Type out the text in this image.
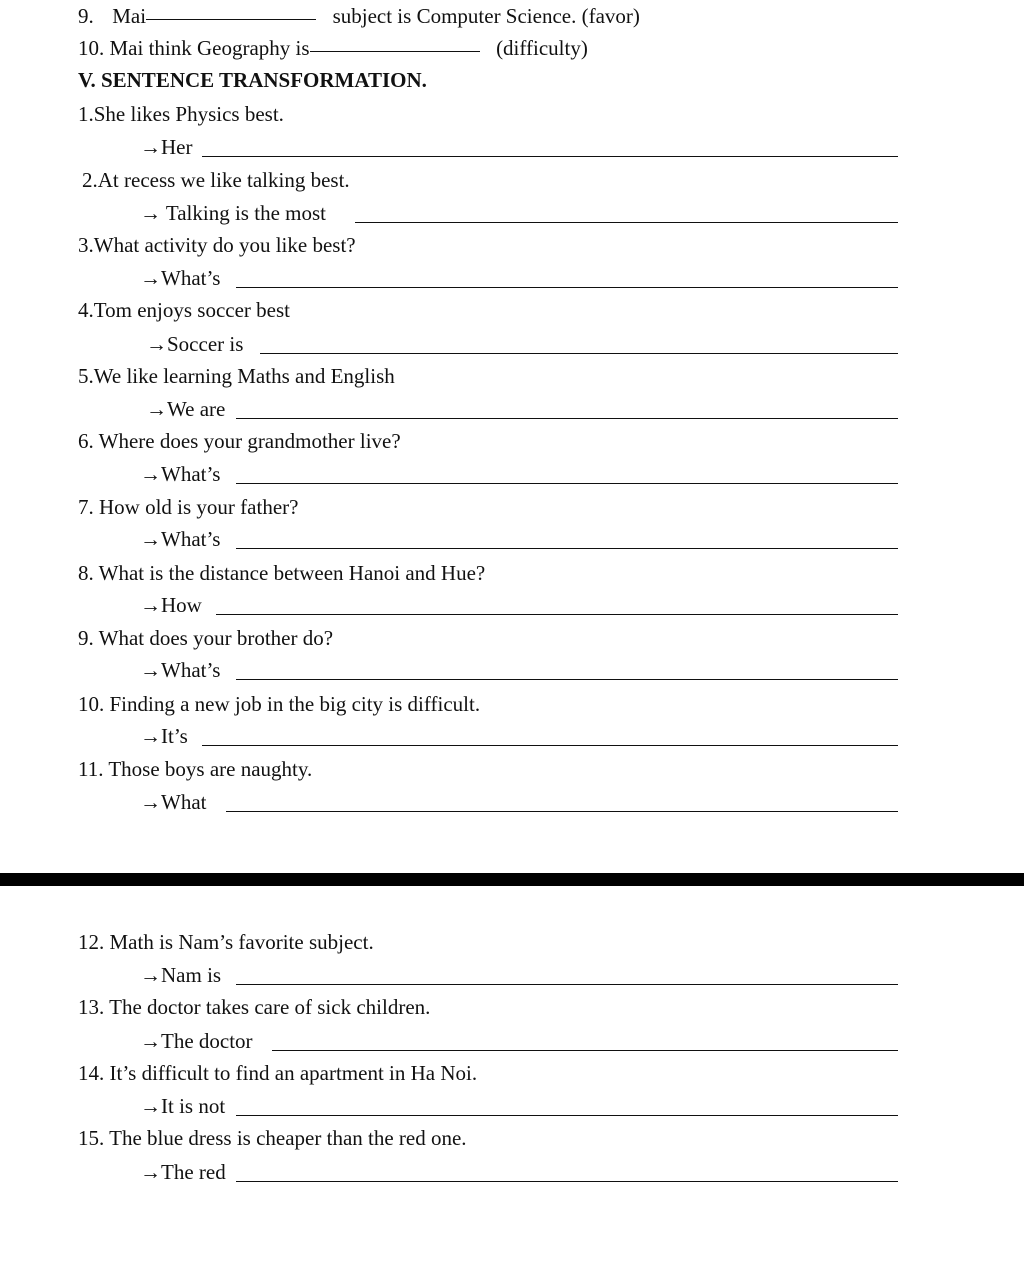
9. Mai	subject is Computer Science. (favor)
10. Mai think Geography is	(difficulty)
V. SENTENCE TRANSFORMATION.
1.She likes Physics best.
→Her
2.At recess we like talking best.
→ Talking is the most
3.What activity do you like best?
→What’s
4.Tom enjoys soccer best
→Soccer is
5.We like learning Maths and English
→We are
6. Where does your grandmother live?
→What’s
7. How old is your father?
→What’s
8. What is the distance between Hanoi and Hue?
→How
9. What does your brother do?
→What’s
10. Finding a new job in the big city is difficult.
→It’s
11. Those boys are naughty.
→What
12. Math is Nam’s favorite subject.
→Nam is
13. The doctor takes care of sick children.
→The doctor
14. It’s difficult to find an apartment in Ha Noi.
→It is not
15. The blue dress is cheaper than the red one.
→The red
